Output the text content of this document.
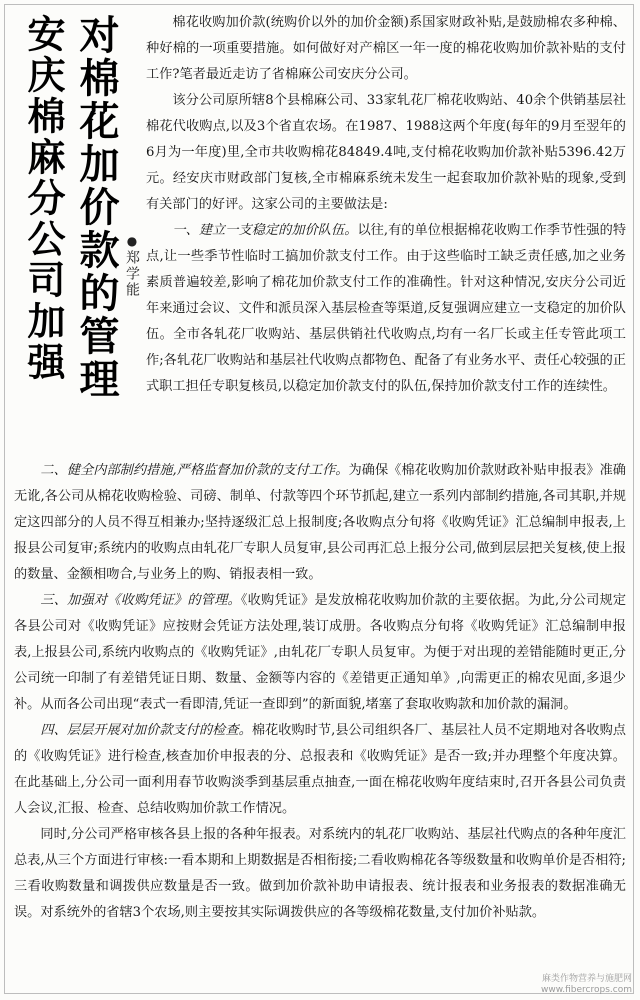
对棉花加价款的管理
安庆棉麻分公司加强	●郑学能

棉花收购加价款(统购价以外的加价金额)系国家财政补贴,是鼓励棉农多种棉、种好棉的一项重要措施。如何做好对产棉区一年一度的棉花收购加价款补贴的支付工作?笔者最近走访了省棉麻公司安庆分公司。

该分公司原所辖8个县棉麻公司、33家轧花厂棉花收购站、40余个供销基层社棉花代收购点,以及3个省直农场。在1987、1988这两个年度(每年的9月至翌年的6月为一年度)里,全市共收购棉花84849.4吨,支付棉花收购加价款补贴5396.42万元。经安庆市财政部门复核,全市棉麻系统未发生一起套取加价款补贴的现象,受到有关部门的好评。这家公司的主要做法是:

一、建立一支稳定的加价队伍。以往,有的单位根据棉花收购工作季节性强的特点,让一些季节性临时工搞加价款支付工作。由于这些临时工缺乏责任感,加之业务素质普遍较差,影响了棉花加价款支付工作的准确性。针对这种情况,安庆分公司近年来通过会议、文件和派员深入基层检查等渠道,反复强调应建立一支稳定的加价队伍。全市各轧花厂收购站、基层供销社代收购点,均有一名厂长或主任专管此项工作;各轧花厂收购站和基层社代收购点都物色、配备了有业务水平、责任心较强的正式职工担任专职复核员,以稳定加价款支付的队伍,保持加价款支付工作的连续性。

二、健全内部制约措施,严格监督加价款的支付工作。为确保《棉花收购加价款财政补贴申报表》准确无讹,各公司从棉花收购检验、司磅、制单、付款等四个环节抓起,建立一系列内部制约措施,各司其职,并规定这四部分的人员不得互相兼办;坚持逐级汇总上报制度;各收购点分旬将《收购凭证》汇总编制申报表,上报县公司复审;系统内的收购点由轧花厂专职人员复审,县公司再汇总上报分公司,做到层层把关复核,使上报的数量、金额相吻合,与业务上的购、销报表相一致。

三、加强对《收购凭证》的管理。《收购凭证》是发放棉花收购加价款的主要依据。为此,分公司规定各县公司对《收购凭证》应按财会凭证方法处理,装订成册。各收购点分旬将《收购凭证》汇总编制申报表,上报县公司,系统内收购点的《收购凭证》,由轧花厂专职人员复审。为便于对出现的差错能随时更正,分公司统一印制了有差错凭证日期、数量、金额等内容的《差错更正通知单》,向需更正的棉农见面,多退少补。从而各公司出现“表式一看即清,凭证一查即到”的新面貌,堵塞了套取收购款和加价款的漏洞。

四、层层开展对加价款支付的检查。棉花收购时节,县公司组织各厂、基层社人员不定期地对各收购点的《收购凭证》进行检查,核查加价申报表的分、总报表和《收购凭证》是否一致;并办理整个年度决算。在此基础上,分公司一面利用春节收购淡季到基层重点抽查,一面在棉花收购年度结束时,召开各县公司负责人会议,汇报、检查、总结收购加价款工作情况。

同时,分公司严格审核各县上报的各种年报表。对系统内的轧花厂收购站、基层社代购点的各种年度汇总表,从三个方面进行审核:一看本期和上期数据是否相衔接;二看收购棉花各等级数量和收购单价是否相符;三看收购数量和调拨供应数量是否一致。做到加价款补助申请报表、统计报表和业务报表的数据准确无误。对系统外的省辖3个农场,则主要按其实际调拨供应的各等级棉花数量,支付加价补贴款。

麻类作物营养与施肥网
www.fibercrops.com
